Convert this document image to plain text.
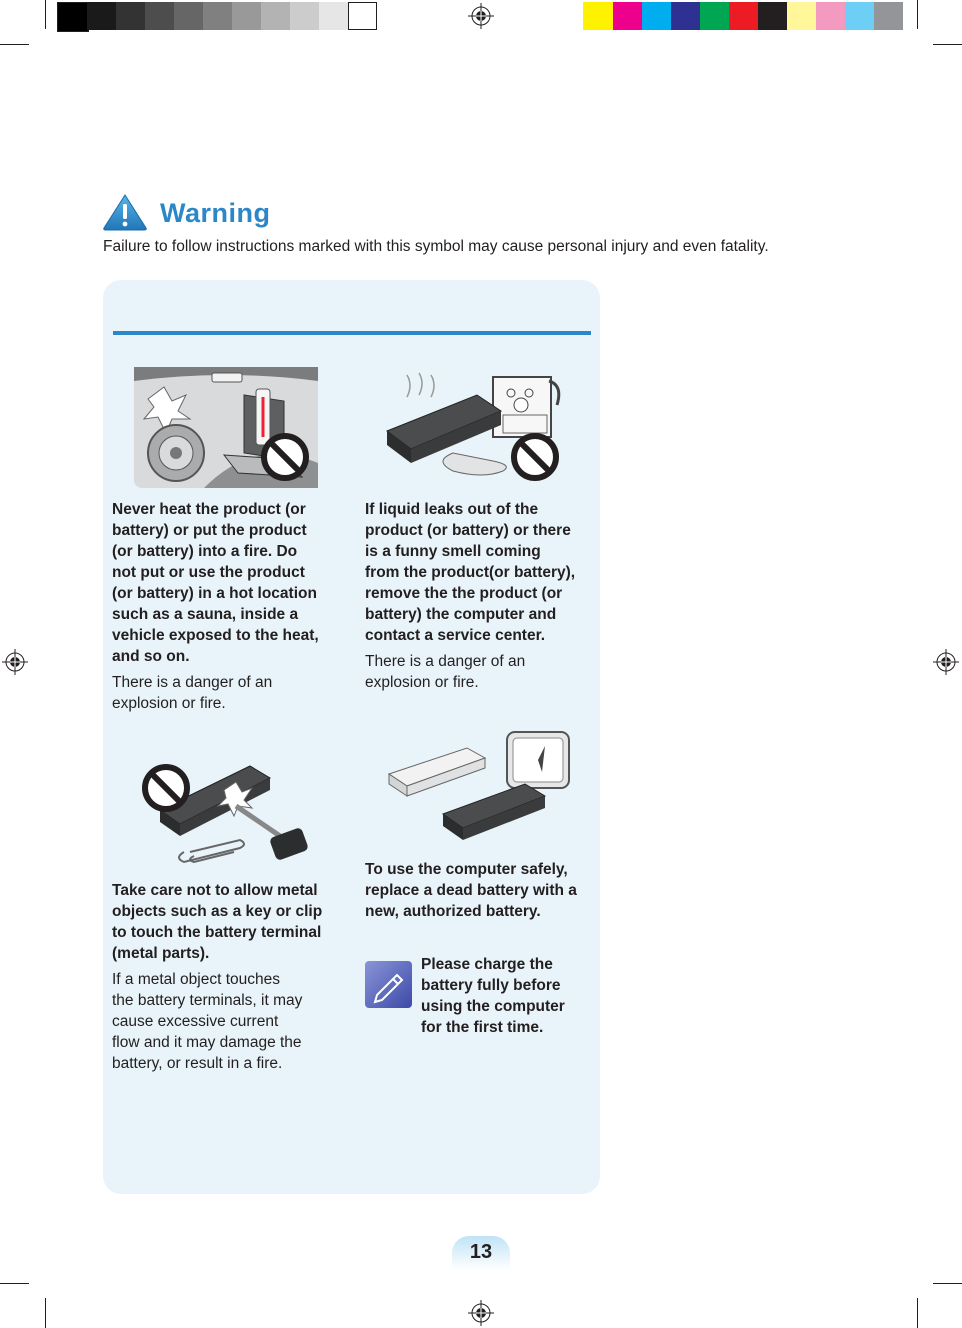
Warning
Failure to follow instructions marked with this symbol may cause personal injury and even fatality.
Never heat the product (or
battery) or put the product
(or battery) into a fire. Do
not put or use the product
(or battery) in a hot location
such as a sauna, inside a
vehicle exposed to the heat,
and so on.
There is a danger of an
explosion or fire.
If liquid leaks out of the
product (or battery) or there
is a funny smell coming
from the product(or battery),
remove the the product (or
battery) the computer and
contact a service center.
There is a danger of an
explosion or fire.
Take care not to allow metal
objects such as a key or clip
to touch the battery terminal
(metal parts).
If a metal object touches
the battery terminals, it may
cause excessive current
flow and it may damage the
battery, or result in a fire.
To use the computer safely,
replace a dead battery with a
new, authorized battery.
Please charge the
battery fully before
using the computer
for the first time.
13
